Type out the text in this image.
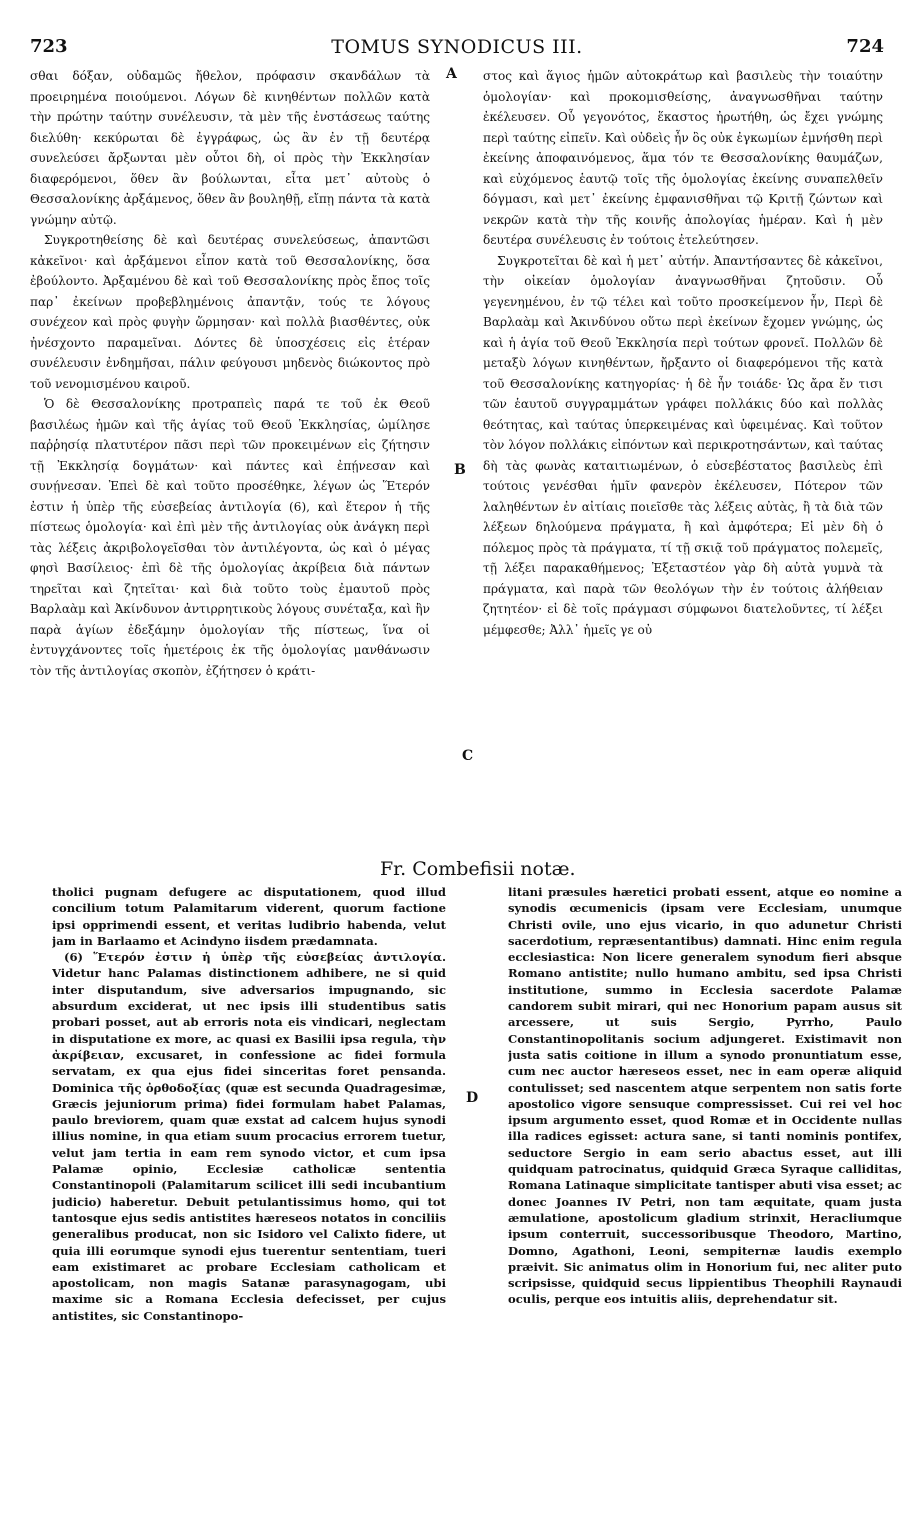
723	TOMUS SYNODICUS III.	724

σθαι δόξαν, οὐδαμῶς ἤθελον, πρόφασιν σκανδάλων τὰ προειρημένα ποιούμενοι. Λόγων δὲ κινηθέντων πολλῶν κατὰ τὴν πρώτην ταύτην συνέλευσιν, τὰ μὲν τῆς ἐνστάσεως ταύτης διελύθη· κεκύρωται δὲ ἐγγράφως, ὡς ἂν ἐν τῇ δευτέρᾳ συνελεύσει ἄρξωνται μὲν οὗτοι δὴ, οἱ πρὸς τὴν Ἐκκλησίαν διαφερόμενοι, ὅθεν ἂν βούλωνται, εἶτα μετ᾽ αὐτοὺς ὁ Θεσσαλονίκης ἀρξάμενος, ὅθεν ἂν βουληθῇ, εἴπῃ πάντα τὰ κατὰ γνώμην αὐτῷ.

Συγκροτηθείσης δὲ καὶ δευτέρας συνελεύσεως, ἀπαντῶσι κἀκεῖνοι· καὶ ἀρξάμενοι εἶπον κατὰ τοῦ Θεσσαλονίκης, ὅσα ἐβούλοντο. Ἀρξαμένου δὲ καὶ τοῦ Θεσσαλονίκης πρὸς ἔπος τοῖς παρ᾽ ἐκείνων προβεβλημένοις ἀπαντᾷν, τούς τε λόγους συνέχεον καὶ πρὸς φυγὴν ὥρμησαν· καὶ πολλὰ βιασθέντες, οὐκ ἠνέσχοντο παραμεῖναι. Δόντες δὲ ὑποσχέσεις εἰς ἑτέραν συνέλευσιν ἐνδημῆσαι, πάλιν φεύγουσι μηδενὸς διώκοντος πρὸ τοῦ νενομισμένου καιροῦ.

Ὁ δὲ Θεσσαλονίκης προτραπεὶς παρά τε τοῦ ἐκ Θεοῦ βασιλέως ἡμῶν καὶ τῆς ἁγίας τοῦ Θεοῦ Ἐκκλησίας, ὡμίλησε παῤῥησίᾳ πλατυτέρον πᾶσι περὶ τῶν προκειμένων εἰς ζήτησιν τῇ Ἐκκλησίᾳ δογμάτων· καὶ πάντες καὶ ἐπῄνεσαν καὶ συνῄνεσαν. Ἐπεὶ δὲ καὶ τοῦτο προσέθηκε, λέγων ὡς Ἕτερόν ἐστιν ἡ ὑπὲρ τῆς εὐσεβείας ἀντιλογία (6), καὶ ἕτερον ἡ τῆς πίστεως ὁμολογία· καὶ ἐπὶ μὲν τῆς ἀντιλογίας οὐκ ἀνάγκη περὶ τὰς λέξεις ἀκριβολογεῖσθαι τὸν ἀντιλέγοντα, ὡς καὶ ὁ μέγας φησὶ Βασίλειος· ἐπὶ δὲ τῆς ὁμολογίας ἀκρίβεια διὰ πάντων τηρεῖται καὶ ζητεῖται· καὶ διὰ τοῦτο τοὺς ἐμαυτοῦ πρὸς Βαρλαὰμ καὶ Ἀκίνδυνον ἀντιρρητικοὺς λόγους συνέταξα, καὶ ἣν παρὰ ἁγίων ἐδεξάμην ὁμολογίαν τῆς πίστεως, ἵνα οἱ ἐντυγχάνοντες τοῖς ἡμετέροις ἐκ τῆς ὁμολογίας μανθάνωσιν τὸν τῆς ἀντιλογίας σκοπὸν, ἐζήτησεν ὁ κράτι-

στος καὶ ἅγιος ἡμῶν αὐτοκράτωρ καὶ βασιλεὺς τὴν τοιαύτην ὁμολογίαν· καὶ προκομισθείσης, ἀναγνωσθῆναι ταύτην ἐκέλευσεν. Οὗ γεγονότος, ἕκαστος ἠρωτήθη, ὡς ἔχει γνώμης περὶ ταύτης εἰπεῖν. Καὶ οὐδεὶς ἦν ὃς οὐκ ἐγκωμίων ἐμνήσθη περὶ ἐκείνης ἀποφαινόμενος, ἅμα τόν τε Θεσσαλονίκης θαυμάζων, καὶ εὐχόμενος ἑαυτῷ τοῖς τῆς ὁμολογίας ἐκείνης συναπελθεῖν δόγμασι, καὶ μετ᾽ ἐκείνης ἐμφανισθῆναι τῷ Κριτῇ ζώντων καὶ νεκρῶν κατὰ τὴν τῆς κοινῆς ἀπολογίας ἡμέραν. Καὶ ἡ μὲν δευτέρα συνέλευσις ἐν τούτοις ἐτελεύτησεν.

Συγκροτεῖται δὲ καὶ ἡ μετ᾽ αὐτήν. Ἀπαντήσαντες δὲ κἀκεῖνοι, τὴν οἰκείαν ὁμολογίαν ἀναγνωσθῆναι ζητοῦσιν. Οὗ γεγενημένου, ἐν τῷ τέλει καὶ τοῦτο προσκείμενον ἦν, Περὶ δὲ Βαρλαὰμ καὶ Ἀκινδύνου οὕτω περὶ ἐκείνων ἔχομεν γνώμης, ὡς καὶ ἡ ἁγία τοῦ Θεοῦ Ἐκκλησία περὶ τούτων φρονεῖ. Πολλῶν δὲ μεταξὺ λόγων κινηθέντων, ἤρξαντο οἱ διαφερόμενοι τῆς κατὰ τοῦ Θεσσαλονίκης κατηγορίας· ἡ δὲ ἦν τοιάδε· Ὡς ἄρα ἔν τισι τῶν ἑαυτοῦ συγγραμμάτων γράφει πολλάκις δύο καὶ πολλὰς θεότητας, καὶ ταύτας ὑπερκειμένας καὶ ὑφειμένας. Καὶ τοῦτον τὸν λόγον πολλάκις εἰπόντων καὶ περικροτησάντων, καὶ ταύτας δὴ τὰς φωνὰς καταιτιωμένων, ὁ εὐσεβέστατος βασιλεὺς ἐπὶ τούτοις γενέσθαι ἡμῖν φανερὸν ἐκέλευσεν, Πότερον τῶν λαληθέντων ἐν αἰτίαις ποιεῖσθε τὰς λέξεις αὐτὰς, ἢ τὰ διὰ τῶν λέξεων δηλούμενα πράγματα, ἢ καὶ ἀμφότερα; Εἰ μὲν δὴ ὁ πόλεμος πρὸς τὰ πράγματα, τί τῇ σκιᾷ τοῦ πράγματος πολεμεῖς, τῇ λέξει παρακαθήμενος; Ἐξεταστέον γὰρ δὴ αὐτὰ γυμνὰ τὰ πράγματα, καὶ παρὰ τῶν θεολόγων τὴν ἐν τούτοις ἀλήθειαν ζητητέον· εἰ δὲ τοῖς πράγμασι σύμφωνοι διατελοῦντες, τί λέξει μέμφεσθε; Ἀλλ᾽ ἡμεῖς γε οὐ

A
B
C
D
Fr. Combefisii notæ.

tholici pugnam defugere ac disputationem, quod illud concilium totum Palamitarum viderent, quorum factione ipsi opprimendi essent, et veritas ludibrio habenda, velut jam in Barlaamo et Acindyno iisdem prædamnata.

(6) Ἕτερόν ἐστιν ἡ ὑπὲρ τῆς εὐσεβείας ἀντιλογία. Videtur hanc Palamas distinctionem adhibere, ne si quid inter disputandum, sive adversarios impugnando, sic absurdum exciderat, ut nec ipsis illi studentibus satis probari posset, aut ab erroris nota eis vindicari, neglectam in disputatione ex more, ac quasi ex Basilii ipsa regula, τὴν ἀκρίβειαν, excusaret, in confessione ac fidei formula servatam, ex qua ejus fidei sinceritas foret pensanda. Dominica τῆς ὀρθοδοξίας (quæ est secunda Quadragesimæ, Græcis jejuniorum prima) fidei formulam habet Palamas, paulo breviorem, quam quæ exstat ad calcem hujus synodi illius nomine, in qua etiam suum procacius errorem tuetur, velut jam tertia in eam rem synodo victor, et cum ipsa Palamæ opinio, Ecclesiæ catholicæ sententia Constantinopoli (Palamitarum scilicet illi sedi incubantium judicio) haberetur. Debuit petulantissimus homo, qui tot tantosque ejus sedis antistites hæreseos notatos in conciliis generalibus producat, non sic Isidoro vel Calixto fidere, ut quia illi eorumque synodi ejus tuerentur sententiam, tueri eam existimaret ac probare Ecclesiam catholicam et apostolicam, non magis Satanæ parasynagogam, ubi maxime sic a Romana Ecclesia defecisset, per cujus antistites, sic Constantinopo-

litani præsules hæretici probati essent, atque eo nomine a synodis œcumenicis (ipsam vere Ecclesiam, unumque Christi ovile, uno ejus vicario, in quo adunetur Christi sacerdotium, repræsentantibus) damnati. Hinc enim regula ecclesiastica: Non licere generalem synodum fieri absque Romano antistite; nullo humano ambitu, sed ipsa Christi institutione, summo in Ecclesia sacerdote Palamæ candorem subit mirari, qui nec Honorium papam ausus sit arcessere, ut suis Sergio, Pyrrho, Paulo Constantinopolitanis socium adjungeret. Existimavit non justa satis coitione in illum a synodo pronuntiatum esse, cum nec auctor hæreseos esset, nec in eam operæ aliquid contulisset; sed nascentem atque serpentem non satis forte apostolico vigore sensuque compressisset. Cui rei vel hoc ipsum argumento esset, quod Romæ et in Occidente nullas illa radices egisset: actura sane, si tanti nominis pontifex, seductore Sergio in eam serio abactus esset, aut illi quidquam patrocinatus, quidquid Græca Syraque calliditas, Romana Latinaque simplicitate tantisper abuti visa esset; ac donec Joannes IV Petri, non tam æquitate, quam justa æmulatione, apostolicum gladium strinxit, Heracliumque ipsum conterruit, successoribusque Theodoro, Martino, Domno, Agathoni, Leoni, sempiternæ laudis exemplo præivit. Sic animatus olim in Honorium fui, nec aliter puto scripsisse, quidquid secus lippientibus Theophili Raynaudi oculis, perque eos intuitis aliis, deprehendatur sit.
